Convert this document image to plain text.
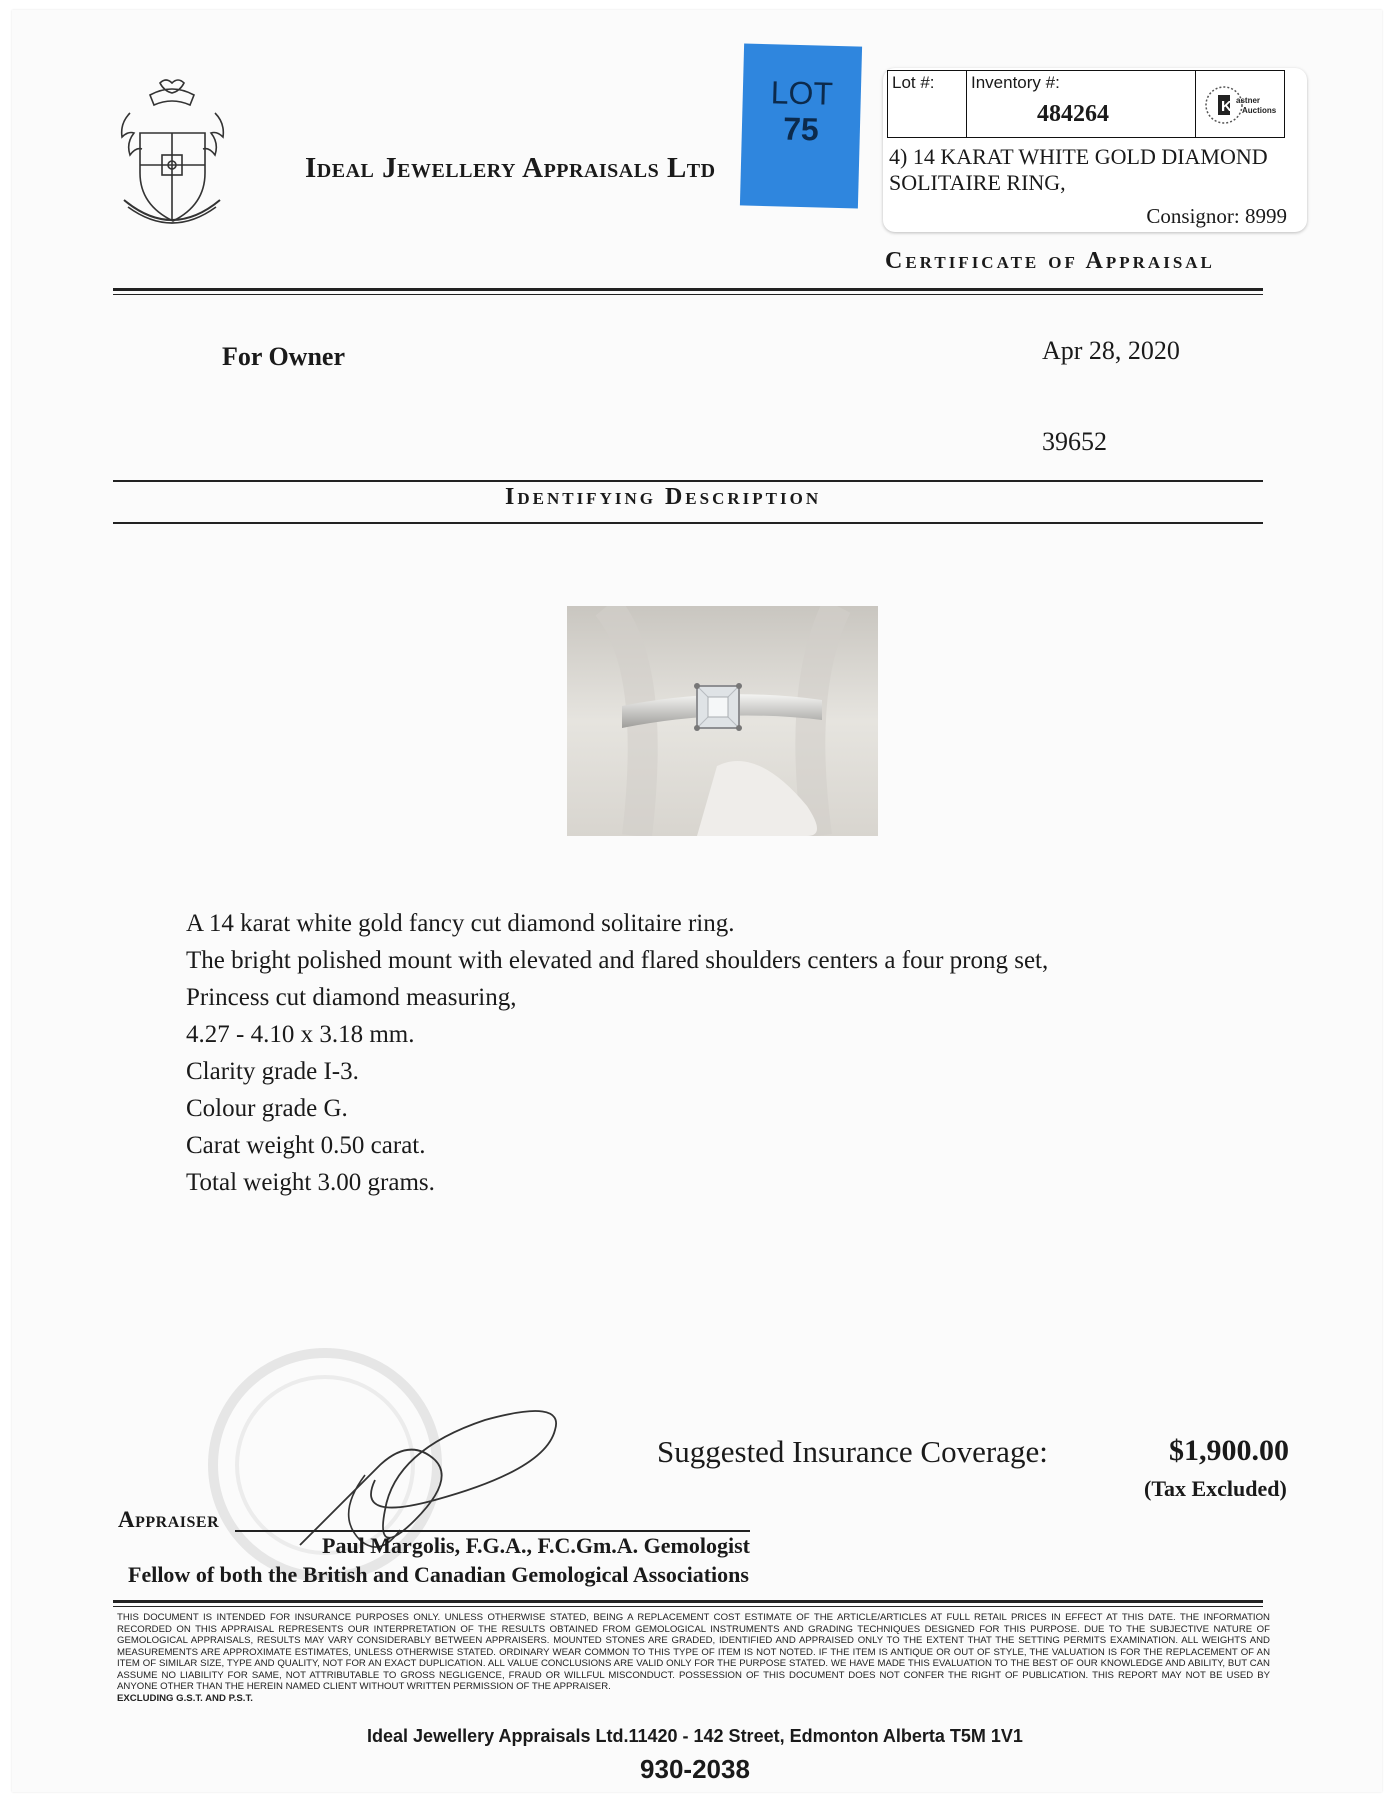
Ideal Jewellery Appraisals Ltd
LOT
75
Lot #: Inventory #:
484264	K astner
Auctions
4) 14 KARAT WHITE GOLD DIAMOND
SOLITAIRE RING,
Consignor: 8999
Certificate of Appraisal
For Owner	Apr 28, 2020
39652
Identifying Description
A 14 karat white gold fancy cut diamond solitaire ring.
The bright polished mount with elevated and flared shoulders centers a four prong set,
Princess cut diamond measuring,
4.27 - 4.10 x 3.18 mm.
Clarity grade I-3.
Colour grade G.
Carat weight 0.50 carat.
Total weight 3.00 grams.
Suggested Insurance Coverage:	$1,900.00
(Tax Excluded)
Appraiser
Paul Margolis, F.G.A., F.C.Gm.A. Gemologist
Fellow of both the British and Canadian Gemological Associations
THIS DOCUMENT IS INTENDED FOR INSURANCE PURPOSES ONLY. UNLESS OTHERWISE STATED, BEING A REPLACEMENT COST ESTIMATE OF THE ARTICLE/ARTICLES AT FULL RETAIL PRICES IN EFFECT AT THIS DATE. THE INFORMATION RECORDED ON THIS APPRAISAL REPRESENTS OUR INTERPRETATION OF THE RESULTS OBTAINED FROM GEMOLOGICAL INSTRUMENTS AND GRADING TECHNIQUES DESIGNED FOR THIS PURPOSE. DUE TO THE SUBJECTIVE NATURE OF GEMOLOGICAL APPRAISALS, RESULTS MAY VARY CONSIDERABLY BETWEEN APPRAISERS. MOUNTED STONES ARE GRADED, IDENTIFIED AND APPRAISED ONLY TO THE EXTENT THAT THE SETTING PERMITS EXAMINATION. ALL WEIGHTS AND MEASUREMENTS ARE APPROXIMATE ESTIMATES, UNLESS OTHERWISE STATED. ORDINARY WEAR COMMON TO THIS TYPE OF ITEM IS NOT NOTED. IF THE ITEM IS ANTIQUE OR OUT OF STYLE, THE VALUATION IS FOR THE REPLACEMENT OF AN ITEM OF SIMILAR SIZE, TYPE AND QUALITY, NOT FOR AN EXACT DUPLICATION. ALL VALUE CONCLUSIONS ARE VALID ONLY FOR THE PURPOSE STATED. WE HAVE MADE THIS EVALUATION TO THE BEST OF OUR KNOWLEDGE AND ABILITY, BUT CAN ASSUME NO LIABILITY FOR SAME, NOT ATTRIBUTABLE TO GROSS NEGLIGENCE, FRAUD OR WILLFUL MISCONDUCT. POSSESSION OF THIS DOCUMENT DOES NOT CONFER THE RIGHT OF PUBLICATION. THIS REPORT MAY NOT BE USED BY ANYONE OTHER THAN THE HEREIN NAMED CLIENT WITHOUT WRITTEN PERMISSION OF THE APPRAISER.
EXCLUDING G.S.T. AND P.S.T.
Ideal Jewellery Appraisals Ltd.11420 - 142 Street, Edmonton Alberta T5M 1V1
930-2038
